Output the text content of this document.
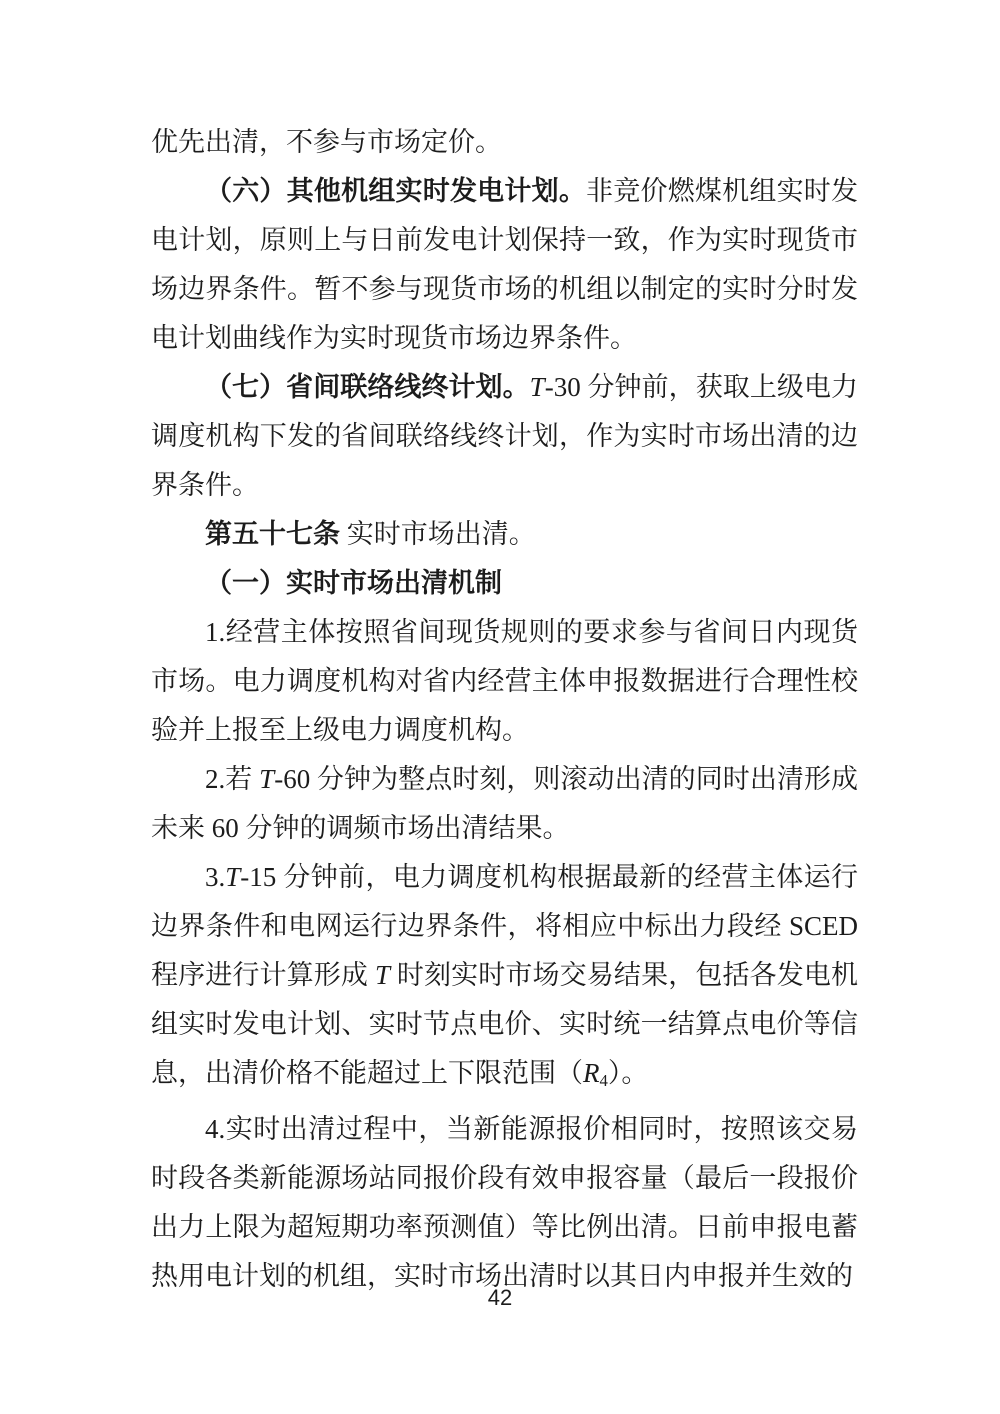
优先出清，不参与市场定价。

（六）其他机组实时发电计划。非竞价燃煤机组实时发电计划，原则上与日前发电计划保持一致，作为实时现货市场边界条件。暂不参与现货市场的机组以制定的实时分时发电计划曲线作为实时现货市场边界条件。

（七）省间联络线终计划。T-30 分钟前，获取上级电力调度机构下发的省间联络线终计划，作为实时市场出清的边界条件。

第五十七条 实时市场出清。

（一）实时市场出清机制

1.经营主体按照省间现货规则的要求参与省间日内现货市场。电力调度机构对省内经营主体申报数据进行合理性校验并上报至上级电力调度机构。

2.若 T-60 分钟为整点时刻，则滚动出清的同时出清形成未来 60 分钟的调频市场出清结果。

3.T-15 分钟前，电力调度机构根据最新的经营主体运行边界条件和电网运行边界条件，将相应中标出力段经 SCED 程序进行计算形成 T 时刻实时市场交易结果，包括各发电机组实时发电计划、实时节点电价、实时统一结算点电价等信息，出清价格不能超过上下限范围（R4）。

4.实时出清过程中，当新能源报价相同时，按照该交易时段各类新能源场站同报价段有效申报容量（最后一段报价出力上限为超短期功率预测值）等比例出清。日前申报电蓄热用电计划的机组，实时市场出清时以其日内申报并生效的

42
